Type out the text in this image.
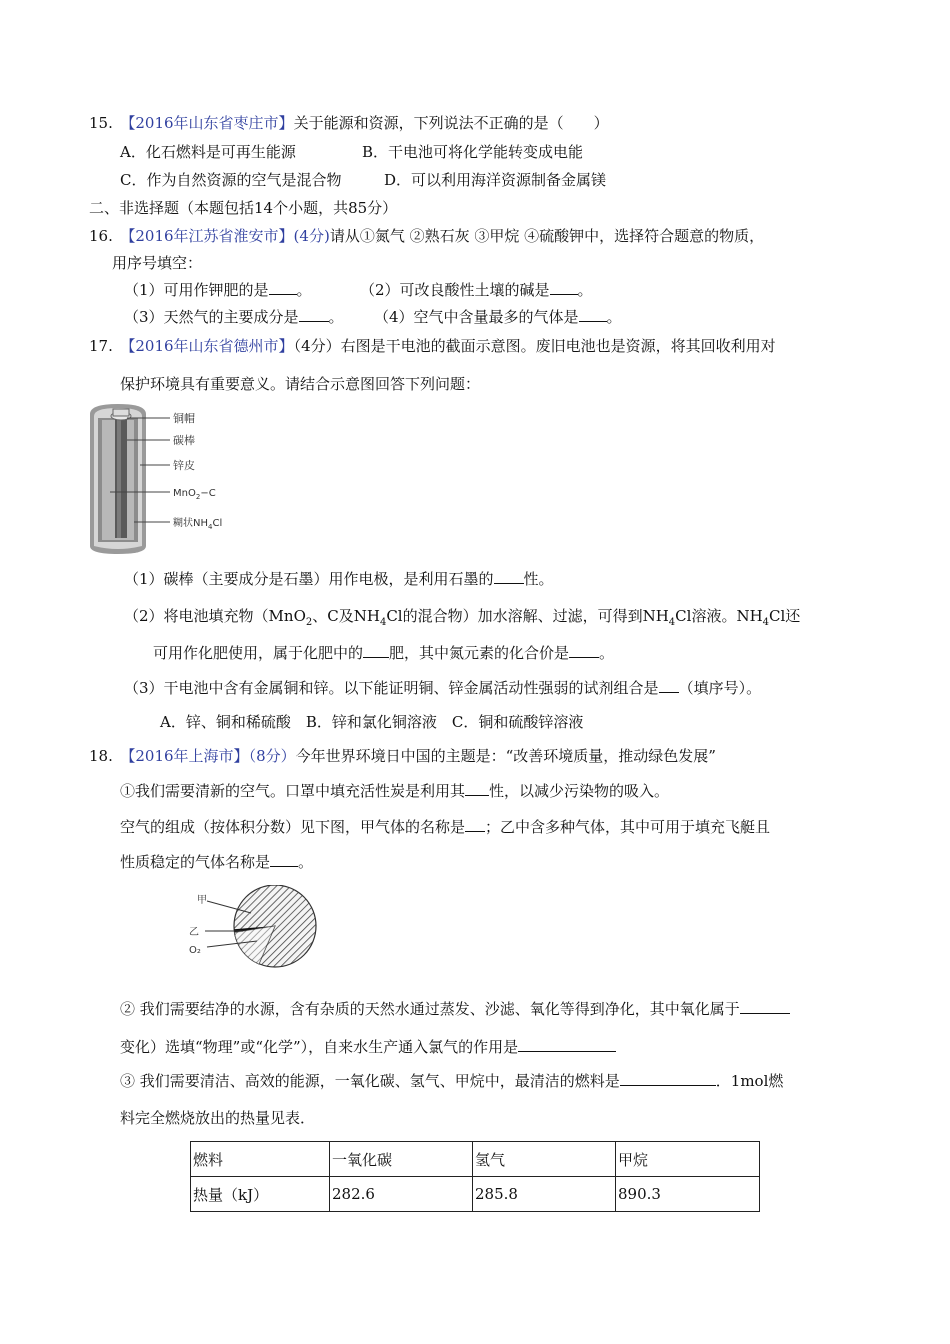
15.　 【2016年山东省枣庄市】关于能源和资源，下列说法不正确的是（　　）
A．化石燃料是可再生能源	B．干电池可将化学能转变成电能
C．作为自然资源的空气是混合物	D．可以利用海洋资源制备金属镁
二、非选择题（本题包括14个小题，共85分）
16.　 【2016年江苏省淮安市】(4分)请从①氮气 ②熟石灰 ③甲烷 ④硫酸钾中，选择符合题意的物质，
用序号填空：
（1）可用作钾肥的是 。	（2）可改良酸性土壤的碱是 。
（3）天然气的主要成分是 。 （4）空气中含量最多的气体是 。
17.　 【2016年山东省德州市】（4分）右图是干电池的截面示意图。废旧电池也是资源，将其回收利用对
保护环境具有重要意义。请结合示意图回答下列问题：
铜帽
碳棒
锌皮
MnO$_2$−C
糊状$NH_4Cl$
（1）碳棒（主要成分是石墨）用作电极，是利用石墨的 性。
（2）将电池填充物（MnO$_2$、C及$NH_4Cl$的混合物）加水溶解、过滤，可得到$NH_4Cl$溶液。$NH_4Cl$还
可用作化肥使用，属于化肥中的 肥，其中氮元素的化合价是 。
（3）干电池中含有金属铜和锌。以下能证明铜、锌金属活动性强弱的试剂组合是 （填序号）。
A．锌、铜和稀硫酸　B．锌和氯化铜溶液　C．铜和硫酸锌溶液
18.　 【2016年上海市】（8分）今年世界环境日中国的主题是：“改善环境质量，推动绿色发展”
①我们需要清新的空气。口罩中填充活性炭是利用其 性，以减少污染物的吸入。
空气的组成（按体积分数）见下图，甲气体的名称是 ；乙中含多种气体，其中可用于填充飞艇且
性质稳定的气体名称是 。
甲
乙
O₂
② 我们需要结净的水源，含有杂质的天然水通过蒸发、沙滤、氧化等得到净化，其中氧化属于
变化）选填“物理”或“化学”），自来水生产通入氯气的作用是
③ 我们需要清洁、高效的能源，一氧化碳、氢气、甲烷中，最清洁的燃料是	．1mol燃
料完全燃烧放出的热量见表．
燃料	一氧化碳	氢气	甲烷
热量（kJ）	282.6	285.8	890.3
